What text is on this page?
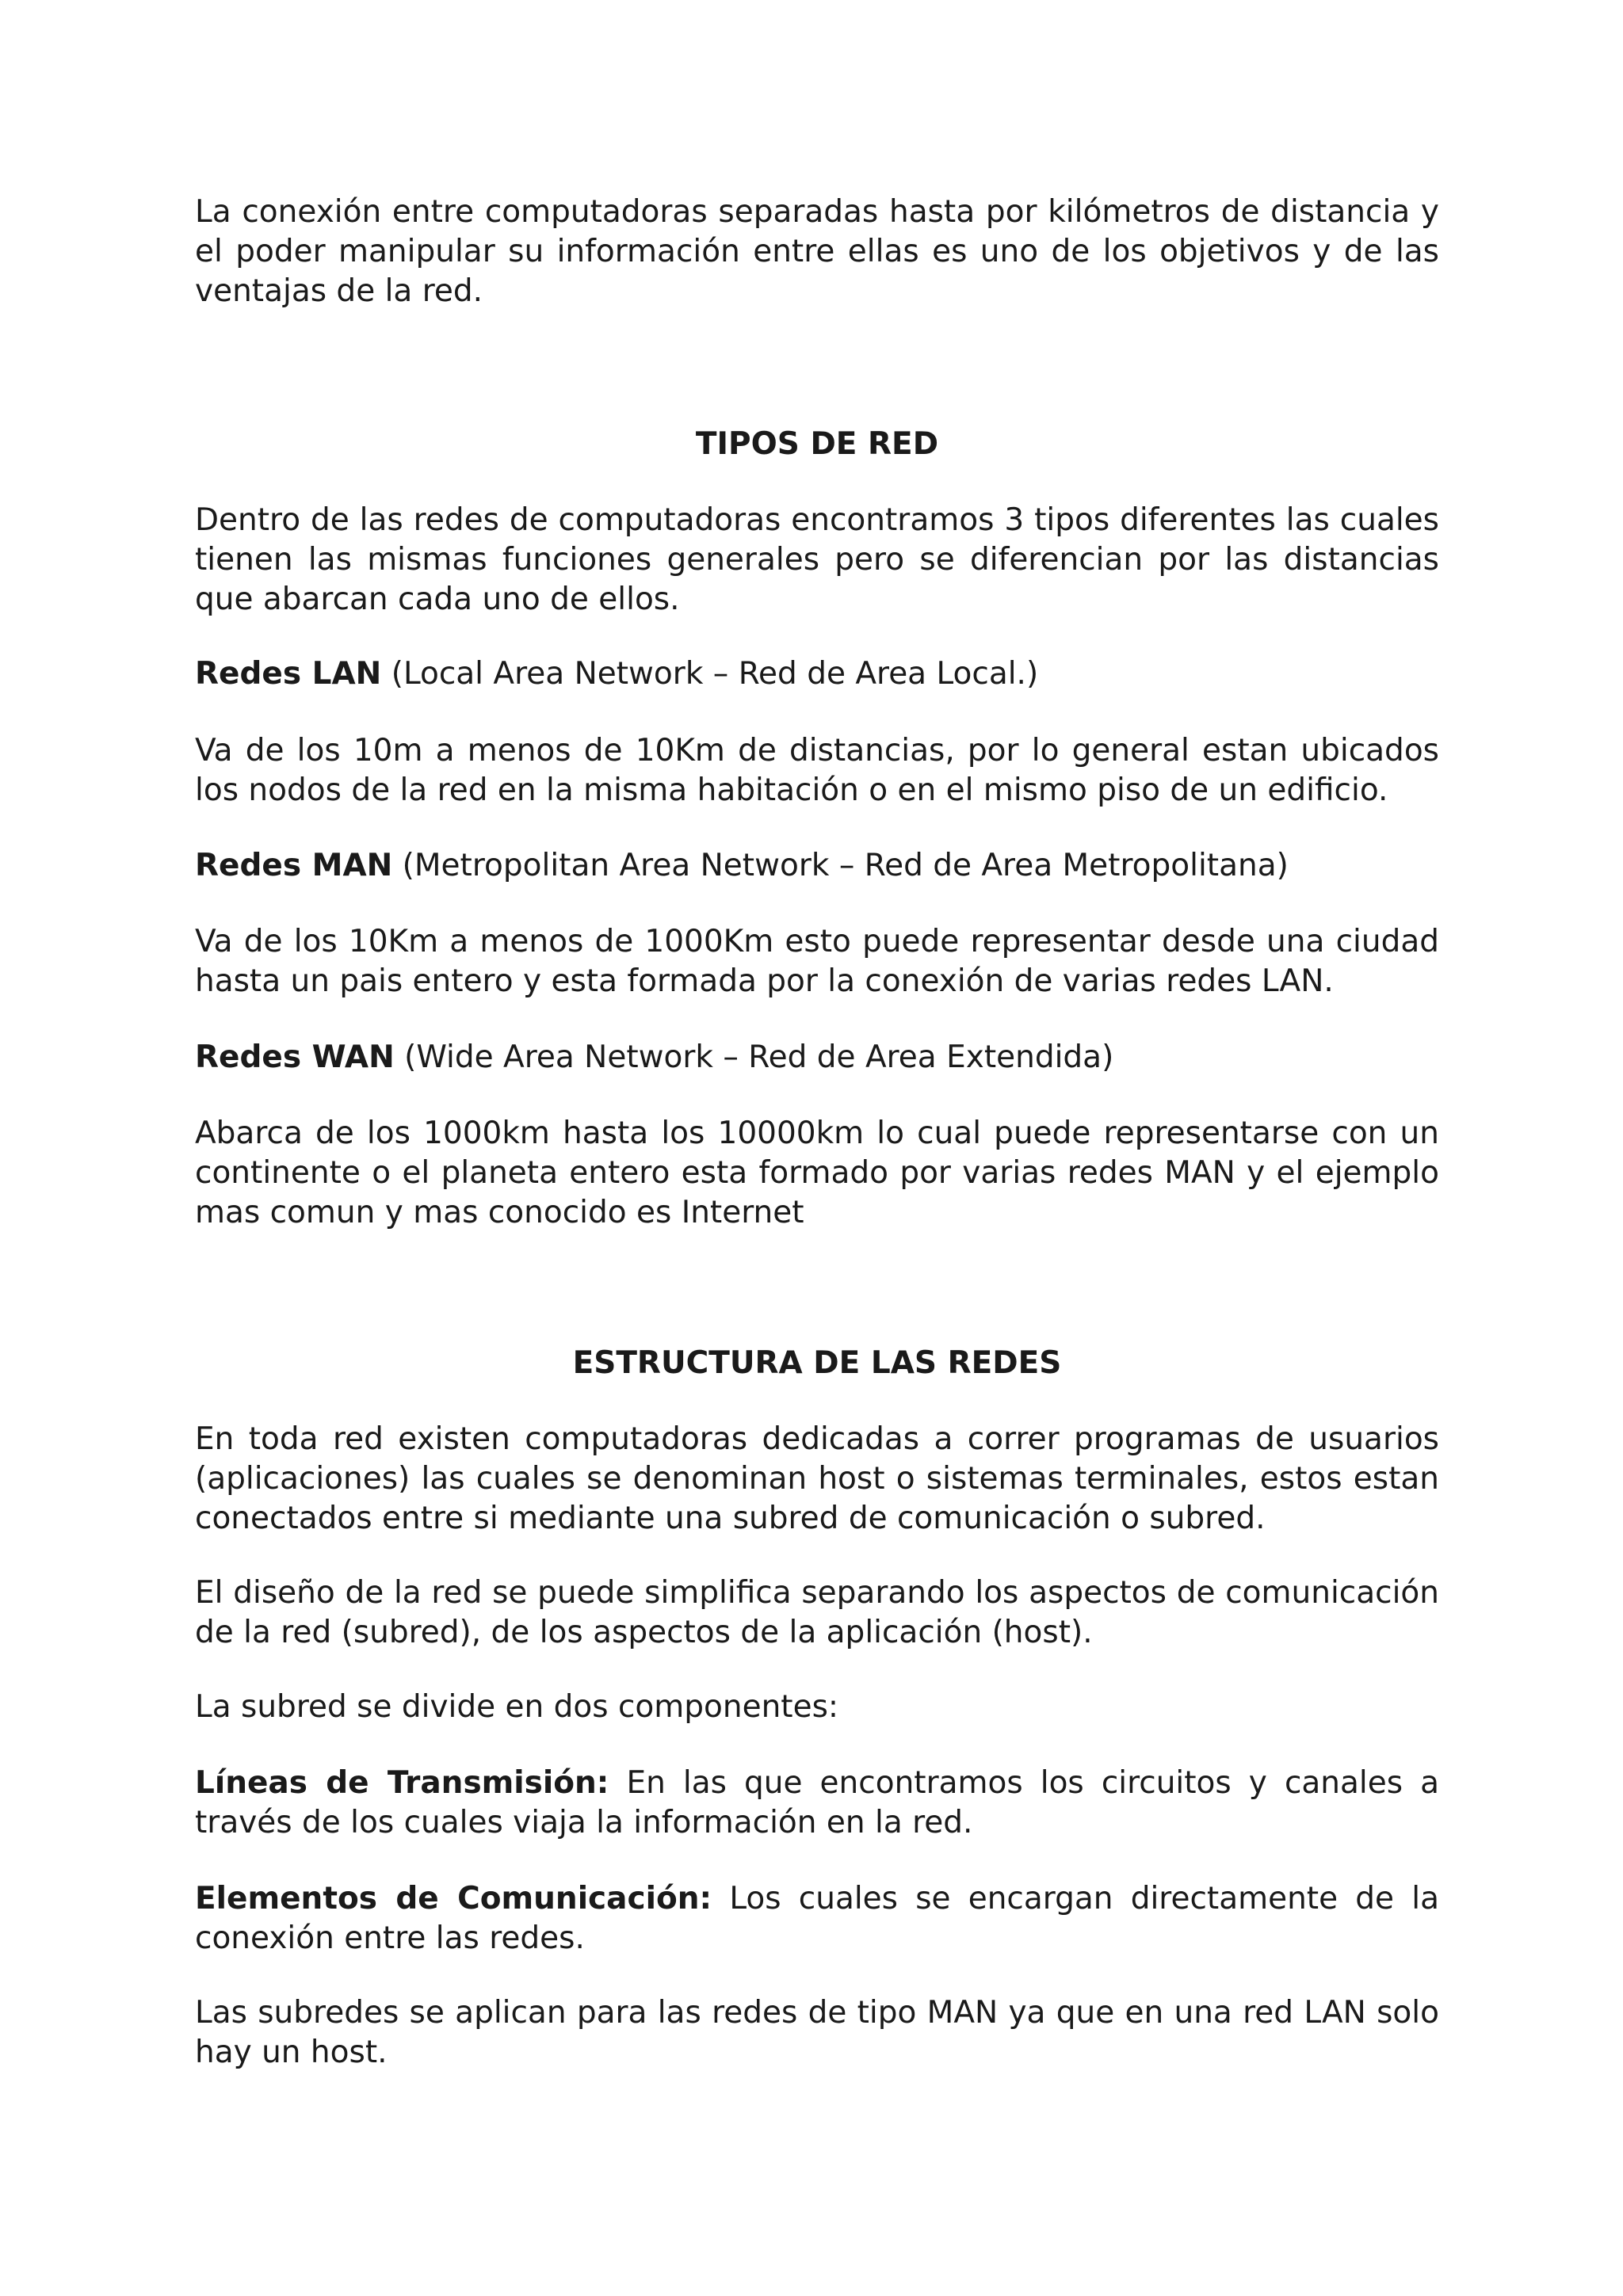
La conexión entre computadoras separadas hasta por kilómetros de distancia y el poder manipular su información entre ellas es uno de los objetivos y de las ventajas de la red.

TIPOS DE RED

Dentro de las redes de computadoras encontramos 3 tipos diferentes las cuales tienen las mismas funciones generales pero se diferencian por las distancias que abarcan cada uno de ellos.

Redes LAN (Local Area Network – Red de Area Local.)

Va de los 10m a menos de 10Km de distancias, por lo general estan ubicados los nodos de la red en la misma habitación o en el mismo piso de un edificio.

Redes MAN (Metropolitan Area Network – Red de Area Metropolitana)

Va de los 10Km a menos de 1000Km esto puede representar desde una ciudad hasta un pais entero y esta formada por la conexión de varias redes LAN.

Redes WAN (Wide Area Network – Red de Area Extendida)

Abarca de los 1000km hasta los 10000km lo cual puede representarse con un continente o el planeta entero esta formado por varias redes MAN y el ejemplo mas comun y mas conocido es Internet

ESTRUCTURA DE LAS REDES

En toda red existen computadoras dedicadas a correr programas de usuarios (aplicaciones) las cuales se denominan host o sistemas terminales, estos estan conectados entre si mediante una subred de comunicación o subred.

El diseño de la red se puede simplifica separando los aspectos de comunicación de la red (subred), de los aspectos de la aplicación (host).

La subred se divide en dos componentes:

Líneas de Transmisión: En las que encontramos los circuitos y canales a través de los cuales viaja la información en la red.

Elementos de Comunicación: Los cuales se encargan directamente de la conexión entre las redes.

Las subredes se aplican para las redes de tipo MAN ya que en una red LAN solo hay un host.
